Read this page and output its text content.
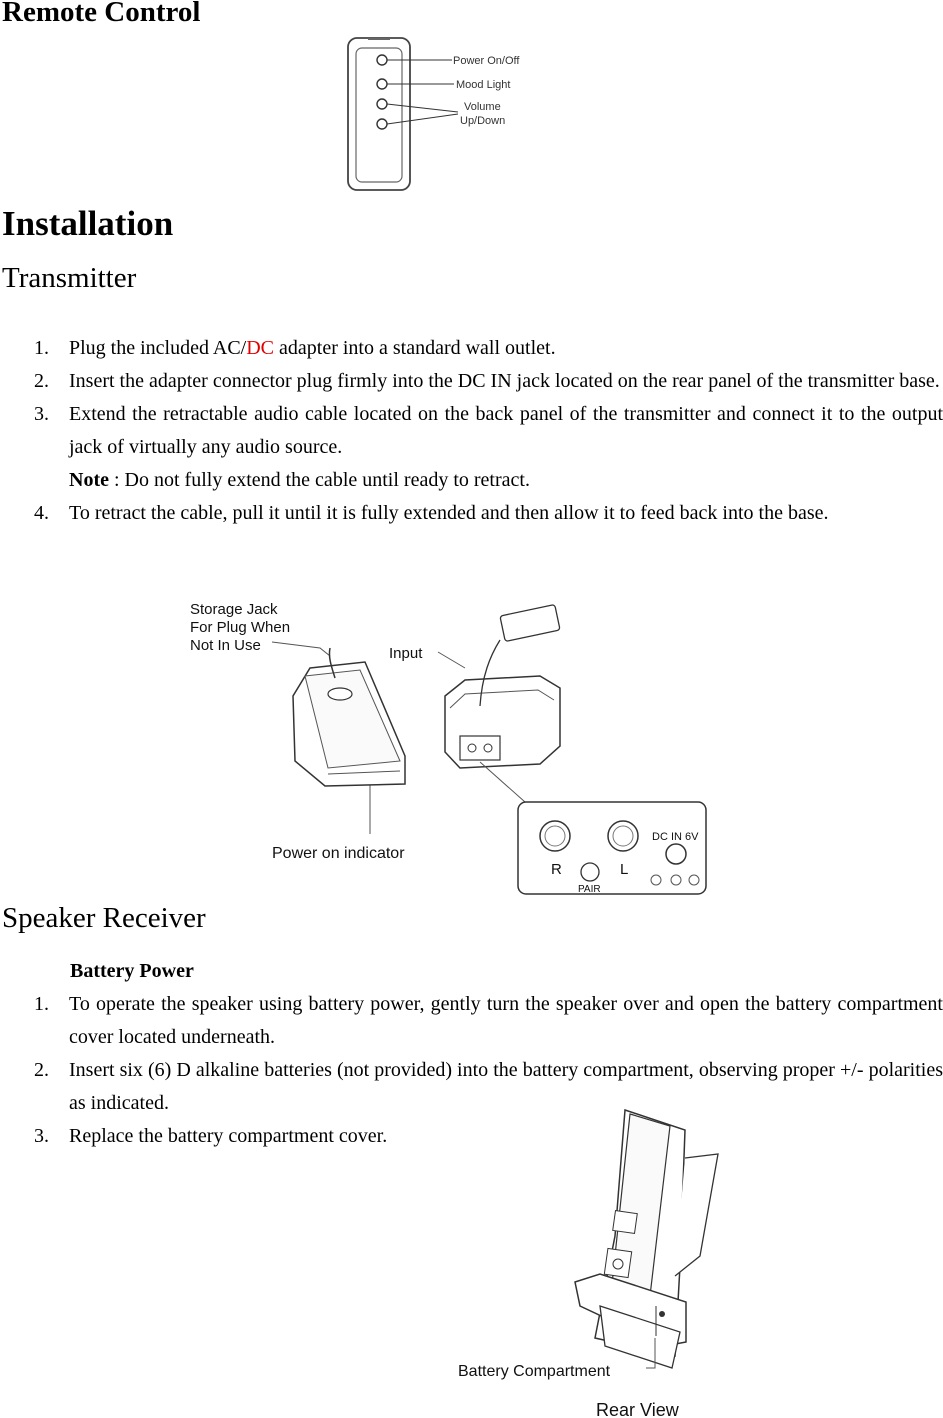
Remote Control
Power On/Off
Mood Light
Volume
Up/Down
Installation
Transmitter
1. Plug the included AC/DC adapter into a standard wall outlet.
2. Insert the adapter connector plug firmly into the DC IN jack located on the rear panel of the transmitter base.
3. Extend the retractable audio cable located on the back panel of the transmitter and connect it to the output jack of virtually any audio source.
Note : Do not fully extend the cable until ready to retract.
4. To retract the cable, pull it until it is fully extended and then allow it to feed back into the base.
Storage Jack
For Plug When
Not In Use	Input
Power on indicator
DC IN 6V
R	L
PAIR
Speaker Receiver
Battery Power
1. To operate the speaker using battery power, gently turn the speaker over and open the battery compartment cover located underneath.
2. Insert six (6) D alkaline batteries (not provided) into the battery compartment, observing proper +/- polarities as indicated.
3. Replace the battery compartment cover.
Battery Compartment
Rear View
